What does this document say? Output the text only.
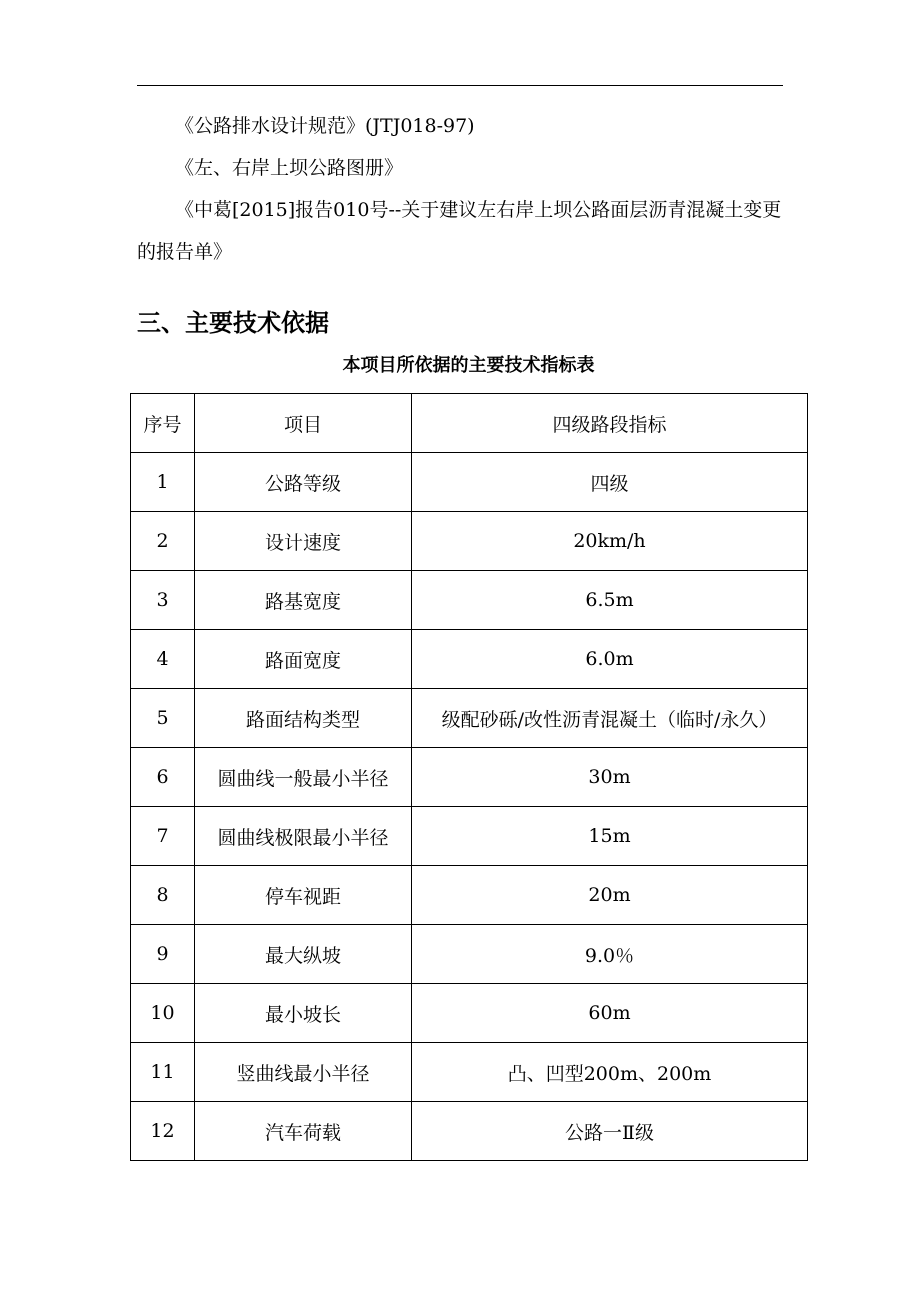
《公路排水设计规范》(JTJ018-97)

《左、右岸上坝公路图册》

《中葛[2015]报告010号--关于建议左右岸上坝公路面层沥青混凝土变更的报告单》

三、主要技术依据
本项目所依据的主要技术指标表
序号	项目	四级路段指标
1	公路等级	四级
2	设计速度	20km/h
3	路基宽度	6.5m
4	路面宽度	6.0m
5	路面结构类型	级配砂砾/改性沥青混凝土（临时/永久）
6	圆曲线一般最小半径	30m
7	圆曲线极限最小半径	15m
8	停车视距	20m
9	最大纵坡	9.0％
10	最小坡长	60m
11	竖曲线最小半径	凸、凹型200m、200m
12	汽车荷载	公路一Ⅱ级
